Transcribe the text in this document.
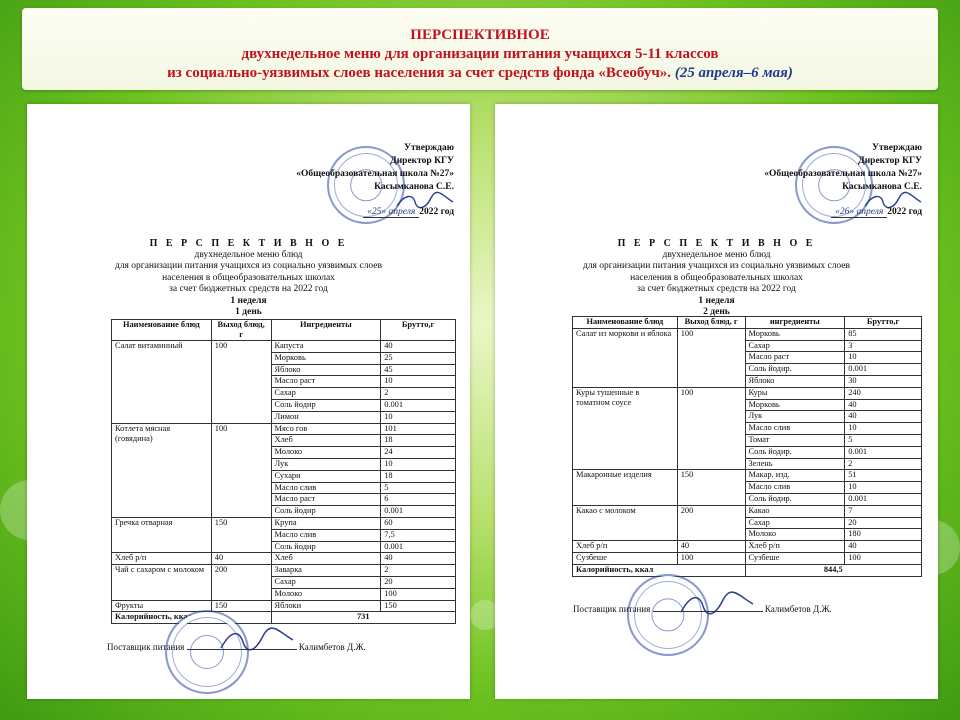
ПЕРСПЕКТИВНОЕ
двухнедельное меню для организации питания учащихся 5-11 классов
из социально-уязвимых слоев населения за счет средств фонда «Всеобуч». (25 апреля–6 мая)
Утверждаю
Директор КГУ
«Общеобразовательная школа №27»
Касымканова С.Е.
«25» апреля 2022 год
П Е Р С П Е К Т И В Н О Е
двухнедельное меню блюд
для организации питания учащихся из социально уязвимых слоев
населения в общеобразовательных школах
за счет бюджетных средств на 2022 год
1 неделя
1 день
Наименование блюд	Выход блюд, г	Ингредиенты	Брутто,г
Салат витаминный	100	Капуста	40
		Морковь	25
		Яблоко	45
		Масло раст	10
		Сахар	2
		Соль йодир	0.001
		Лимон	10
Котлета мясная (говядина)	100	Мясо гов	101
		Хлеб	18
		Молоко	24
		Лук	10
		Сухари	18
		Масло слив	5
		Масло раст	6
		Соль йодир	0.001
Гречка отварная	150	Крупа	60
		Масло слив	7,5
		Соль йодир	0.001
Хлеб р/п	40	Хлеб	40
Чай с сахаром с молоком	200	Заварка	2
		Сахар	20
		Молоко	100
Фрукты	150	Яблоки	150
Калорийность, ккал		731	
Поставщик питания	Калимбетов Д.Ж.
Утверждаю
Директор КГУ
«Общеобразовательная школа №27»
Касымканова С.Е.
«26» апреля 2022 год
П Е Р С П Е К Т И В Н О Е
двухнедельное меню блюд
для организации питания учащихся из социально уязвимых слоев
населения в общеобразовательных школах
за счет бюджетных средств на 2022 год
1 неделя
2 день
Наименование блюд	Выход блюд, г	ингредиенты	Брутто,г
Салат из моркови и яблока	100	Морковь	85
		Сахар	3
		Масло раст	10
		Соль йодир.	0.001
		Яблоко	30
Куры тушенные в томатном соусе	100	Куры	240
		Морковь	40
		Лук	40
		Масло слив	10
		Томат	5
		Соль йодир.	0.001
		Зелень	2
Макаронные изделия	150	Макар. изд.	51
		Масло слив	10
		Соль йодир.	0.001
Какао с молоком	200	Какао	7
		Сахар	20
		Молоко	180
Хлеб р/п	40	Хлеб р/п	40
Сузбеше	100	Сузбеше	100
Калорийность, ккал		844,5	
Поставщик питания	Калимбетов Д.Ж.
